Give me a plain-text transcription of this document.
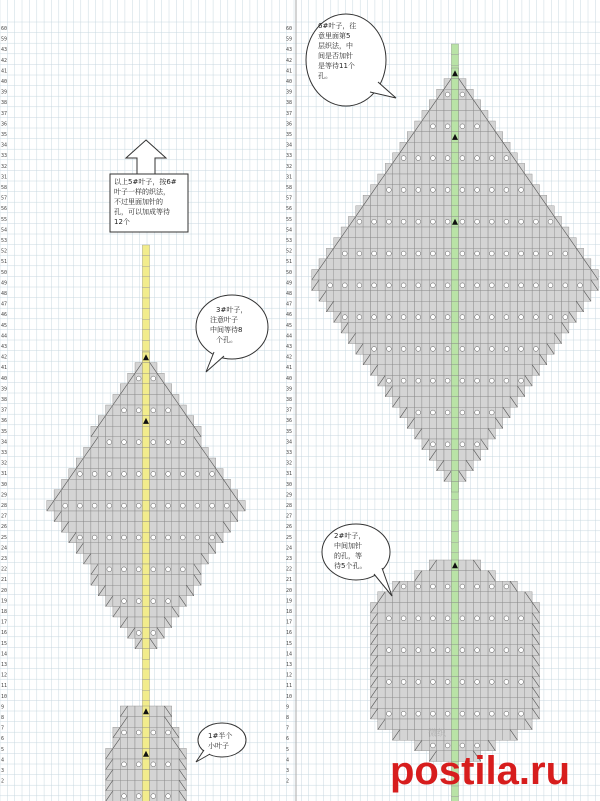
60
59
43
42
41
40
39
38
37
36
35
34
33
32
31
58
57
56
55
54
53
52
51
50
49
48
47
46
45
44
43
42
41
40
39
38
37
36
35
34
33
32
31
30
29
28
27
26
25
24
23
22
21
20
19
18
17
16
15
14
13
12
11
10
9
8
7
6
5
4
3
2
60
59
43
42
41
40
39
38
37
36
35
34
33
32
31
58
57
56
55
54
53
52
51
50
49
48
47
46
45
44
43
42
41
40
39
38
37
36
35
34
33
32
31
30
29
28
27
26
25
24
23
22
21
20
19
18
17
16
15
14
13
12
11
10
9
8
7
6
5
4
3
2
以上5#叶子，按6#
叶子一样的织法，
不过里面加针的
孔，可以加成等待
12个
3#叶子，
注意叶子
中间等待8
个孔。
1#半个
小叶子
6#叶子，往
意里面第5
层织法，中
间是否加针
是等待11个
孔。
2#叶子，
中间加针
的孔，等
待5个孔。
微织
postila.ru
